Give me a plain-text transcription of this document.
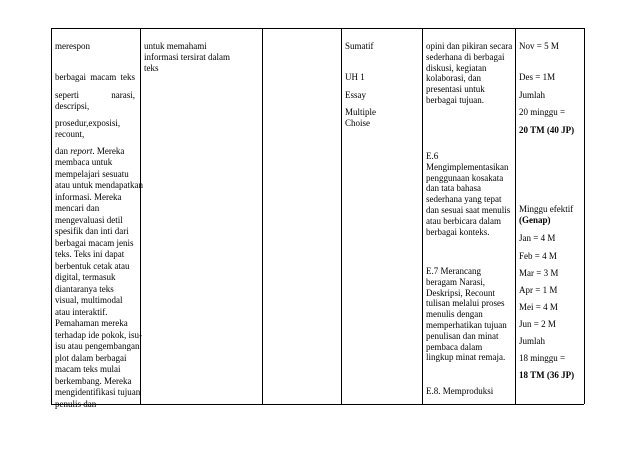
merespon
berbagai macam teks
seperti narasi,
descripsi,
prosedur,exposisi,
recount,
dan report. Mereka
membaca untuk
mempelajari sesuatu
atau untuk mendapatkan
informasi. Mereka
mencari dan
mengevaluasi detil
spesifik dan inti dari
berbagai macam jenis
teks. Teks ini dapat
berbentuk cetak atau
digital, termasuk
diantaranya teks
visual, multimodal
atau interaktif.
Pemahaman mereka
terhadap ide pokok, isu-
isu atau pengembangan
plot dalam berbagai
macam teks mulai
berkembang. Mereka
mengidentifikasi tujuan
penulis dan
untuk memahami
informasi tersirat dalam
teks
Sumatif
UH 1
Essay
Multiple
Choise
opini dan pikiran secara
sederhana di berbagai
diskusi, kegiatan
kolaborasi, dan
presentasi untuk
berbagai tujuan.
E.6
Mengimplementasikan
penggunaan kosakata
dan tata bahasa
sederhana yang tepat
dan sesuai saat menulis
atau berbicara dalam
berbagai konteks.
E.7 Merancang
beragam Narasi,
Deskripsi, Recount
tulisan melalui proses
menulis dengan
memperhatikan tujuan
penulisan dan minat
pembaca dalam
lingkup minat remaja.
E.8. Memproduksi
Nov = 5 M
Des = 1M
Jumlah
20 minggu =
20 TM (40 JP)
Minggu efektif
(Genap)
Jan = 4 M
Feb = 4 M
Mar = 3 M
Apr = 1 M
Mei = 4 M
Jun = 2 M
Jumlah
18 minggu =
18 TM (36 JP)
